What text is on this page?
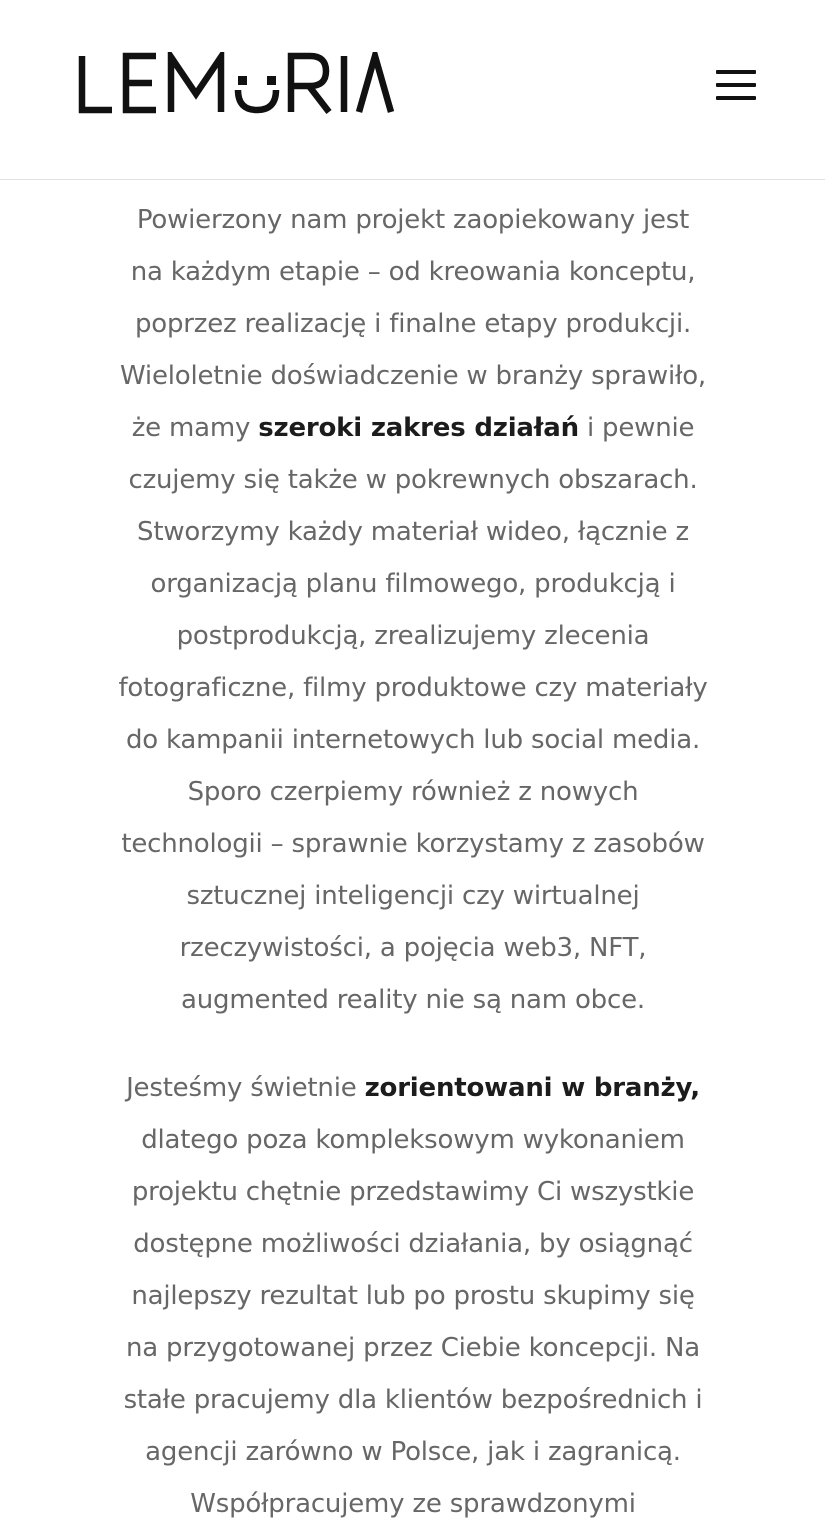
Powierzony nam projekt zaopiekowany jest
na każdym etapie – od kreowania konceptu,
poprzez realizację i finalne etapy produkcji.
Wieloletnie doświadczenie w branży sprawiło,
że mamy szeroki zakres działań i pewnie
czujemy się także w pokrewnych obszarach.
Stworzymy każdy materiał wideo, łącznie z
organizacją planu filmowego, produkcją i
postprodukcją, zrealizujemy zlecenia
fotograficzne, filmy produktowe czy materiały
do kampanii internetowych lub social media.
Sporo czerpiemy również z nowych
technologii – sprawnie korzystamy z zasobów
sztucznej inteligencji czy wirtualnej
rzeczywistości, a pojęcia web3, NFT,
augmented reality nie są nam obce.

Jesteśmy świetnie zorientowani w branży,
dlatego poza kompleksowym wykonaniem
projektu chętnie przedstawimy Ci wszystkie
dostępne możliwości działania, by osiągnąć
najlepszy rezultat lub po prostu skupimy się
na przygotowanej przez Ciebie koncepcji. Na
stałe pracujemy dla klientów bezpośrednich i
agencji zarówno w Polsce, jak i zagranicą.
Współpracujemy ze sprawdzonymi
